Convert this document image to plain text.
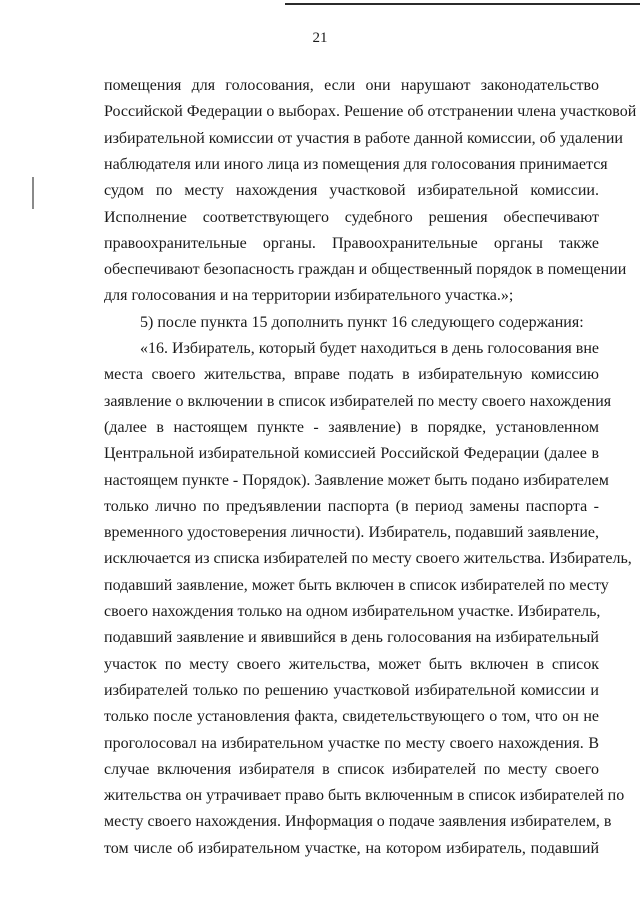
21
помещения для голосования, если они нарушают законодательство
Российской Федерации о выборах. Решение об отстранении члена участковой
избирательной комиссии от участия в работе данной комиссии, об удалении
наблюдателя или иного лица из помещения для голосования принимается
судом по месту нахождения участковой избирательной комиссии.
Исполнение соответствующего судебного решения обеспечивают
правоохранительные органы. Правоохранительные органы также
обеспечивают безопасность граждан и общественный порядок в помещении
для голосования и на территории избирательного участка.»;
5) после пункта 15 дополнить пункт 16 следующего содержания:
«16. Избиратель, который будет находиться в день голосования вне
места своего жительства, вправе подать в избирательную комиссию
заявление о включении в список избирателей по месту своего нахождения
(далее в настоящем пункте - заявление) в порядке, установленном
Центральной избирательной комиссией Российской Федерации (далее в
настоящем пункте - Порядок). Заявление может быть подано избирателем
только лично по предъявлении паспорта (в период замены паспорта -
временного удостоверения личности). Избиратель, подавший заявление,
исключается из списка избирателей по месту своего жительства. Избиратель,
подавший заявление, может быть включен в список избирателей по месту
своего нахождения только на одном избирательном участке. Избиратель,
подавший заявление и явившийся в день голосования на избирательный
участок по месту своего жительства, может быть включен в список
избирателей только по решению участковой избирательной комиссии и
только после установления факта, свидетельствующего о том, что он не
проголосовал на избирательном участке по месту своего нахождения. В
случае включения избирателя в список избирателей по месту своего
жительства он утрачивает право быть включенным в список избирателей по
месту своего нахождения. Информация о подаче заявления избирателем, в
том числе об избирательном участке, на котором избиратель, подавший
